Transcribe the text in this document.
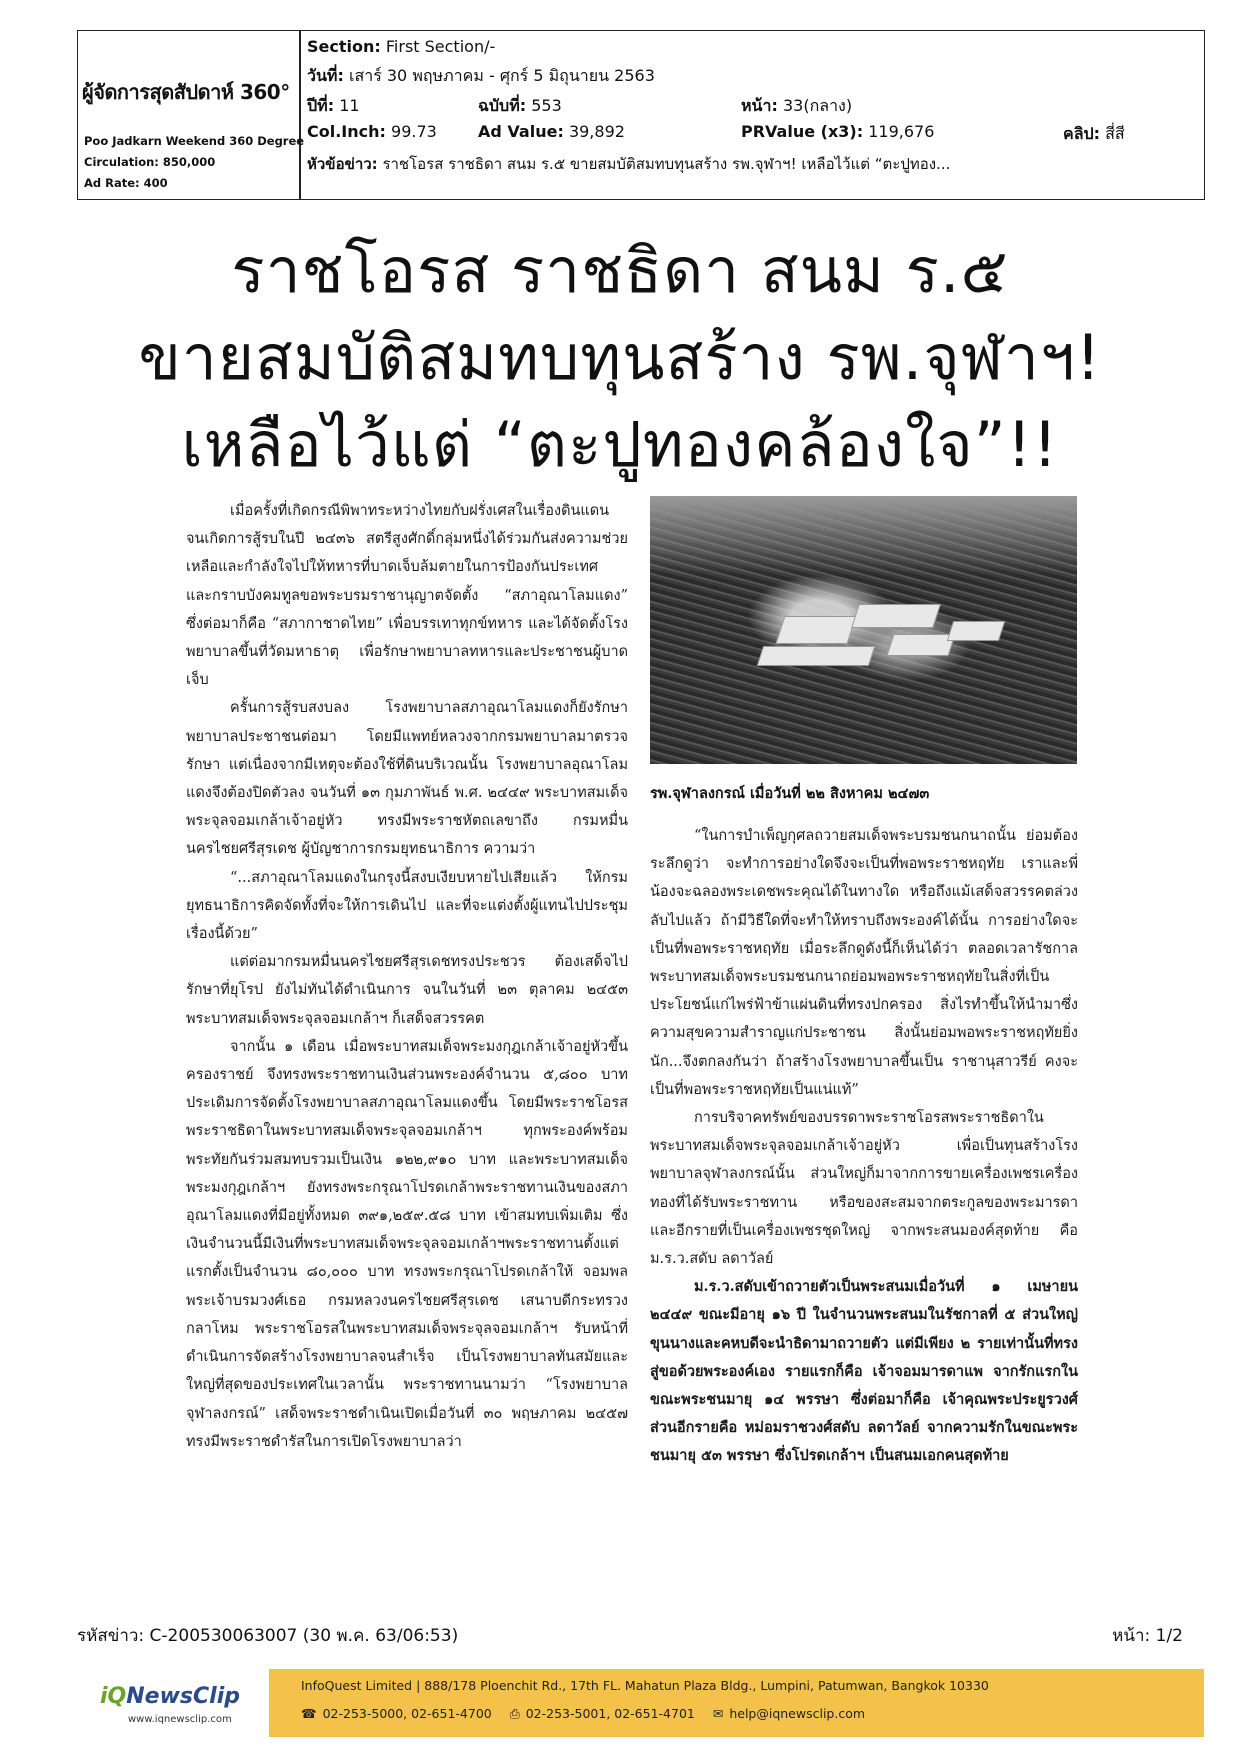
ผู้จัดการสุดสัปดาห์ 360°
Poo Jadkarn Weekend 360 Degree
Circulation: 850,000
Ad Rate: 400
Section: First Section/-
วันที่: เสาร์ 30 พฤษภาคม - ศุกร์ 5 มิถุนายน 2563
ปีที่: 11	ฉบับที่: 553	หน้า: 33(กลาง)
Col.Inch: 99.73	Ad Value: 39,892	PRValue (x3): 119,676	คลิป: สี่สี
หัวข้อข่าว: ราชโอรส ราชธิดา สนม ร.๕ ขายสมบัติสมทบทุนสร้าง รพ.จุฬาฯ! เหลือไว้แต่ “ตะปูทอง...
ราชโอรส ราชธิดา สนม ร.๕
ขายสมบัติสมทบทุนสร้าง รพ.จุฬาฯ!
เหลือไว้แต่ “ตะปูทองคล้องใจ”!!

เมื่อครั้งที่เกิดกรณีพิพาทระหว่างไทยกับฝรั่งเศสในเรื่องดินแดน จนเกิดการสู้รบในปี ๒๔๓๖ สตรีสูงศักดิ์กลุ่มหนึ่งได้ร่วมกันส่งความช่วยเหลือและกำลังใจไปให้ทหารที่บาดเจ็บล้มตายในการป้องกันประเทศ และกราบบังคมทูลขอพระบรมราชานุญาตจัดตั้ง “สภาอุณาโลมแดง” ซึ่งต่อมาก็คือ “สภากาชาดไทย” เพื่อบรรเทาทุกข์ทหาร และได้จัดตั้งโรงพยาบาลขึ้นที่วัดมหาธาตุ เพื่อรักษาพยาบาลทหารและประชาชนผู้บาดเจ็บ

ครั้นการสู้รบสงบลง โรงพยาบาลสภาอุณาโลมแดงก็ยังรักษาพยาบาลประชาชนต่อมา โดยมีแพทย์หลวงจากกรมพยาบาลมาตรวจรักษา แต่เนื่องจากมีเหตุจะต้องใช้ที่ดินบริเวณนั้น โรงพยาบาลอุณาโลมแดงจึงต้องปิดตัวลง จนวันที่ ๑๓ กุมภาพันธ์ พ.ศ. ๒๔๔๙ พระบาทสมเด็จพระจุลจอมเกล้าเจ้าอยู่หัว ทรงมีพระราชหัตถเลขาถึง กรมหมื่นนครไชยศรีสุรเดช ผู้บัญชาการกรมยุทธนาธิการ ความว่า

“...สภาอุณาโลมแดงในกรุงนี้สงบเงียบหายไปเสียแล้ว ให้กรมยุทธนาธิการคิดจัดทั้งที่จะให้การเดินไป และที่จะแต่งตั้งผู้แทนไปประชุมเรื่องนี้ด้วย”

แต่ต่อมากรมหมื่นนครไชยศรีสุรเดชทรงประชวร ต้องเสด็จไปรักษาที่ยุโรป ยังไม่ทันได้ดำเนินการ จนในวันที่ ๒๓ ตุลาคม ๒๔๕๓ พระบาทสมเด็จพระจุลจอมเกล้าฯ ก็เสด็จสวรรคต

จากนั้น ๑ เดือน เมื่อพระบาทสมเด็จพระมงกุฎเกล้าเจ้าอยู่หัวขึ้นครองราชย์ จึงทรงพระราชทานเงินส่วนพระองค์จำนวน ๕,๘๐๐ บาท ประเดิมการจัดตั้งโรงพยาบาลสภาอุณาโลมแดงขึ้น โดยมีพระราชโอรสพระราชธิดาในพระบาทสมเด็จพระจุลจอมเกล้าฯ ทุกพระองค์พร้อมพระทัยกันร่วมสมทบรวมเป็นเงิน ๑๒๒,๙๑๐ บาท และพระบาทสมเด็จพระมงกุฎเกล้าฯ ยังทรงพระกรุณาโปรดเกล้าพระราชทานเงินของสภาอุณาโลมแดงที่มีอยู่ทั้งหมด ๓๙๑,๒๕๙.๕๘ บาท เข้าสมทบเพิ่มเติม ซึ่งเงินจำนวนนี้มีเงินที่พระบาทสมเด็จพระจุลจอมเกล้าฯพระราชทานตั้งแต่แรกตั้งเป็นจำนวน ๘๐,๐๐๐ บาท ทรงพระกรุณาโปรดเกล้าให้ จอมพลพระเจ้าบรมวงศ์เธอ กรมหลวงนครไชยศรีสุรเดช เสนาบดีกระทรวงกลาโหม พระราชโอรสในพระบาทสมเด็จพระจุลจอมเกล้าฯ รับหน้าที่ดำเนินการจัดสร้างโรงพยาบาลจนสำเร็จ เป็นโรงพยาบาลทันสมัยและใหญ่ที่สุดของประเทศในเวลานั้น พระราชทานนามว่า “โรงพยาบาลจุฬาลงกรณ์” เสด็จพระราชดำเนินเปิดเมื่อวันที่ ๓๐ พฤษภาคม ๒๔๕๗ ทรงมีพระราชดำรัสในการเปิดโรงพยาบาลว่า

รพ.จุฬาลงกรณ์ เมื่อวันที่ ๒๒ สิงหาคม ๒๔๗๓

“ในการบำเพ็ญกุศลถวายสมเด็จพระบรมชนกนาถนั้น ย่อมต้องระลึกดูว่า จะทำการอย่างใดจึงจะเป็นที่พอพระราชหฤทัย เราและพี่น้องจะฉลองพระเดชพระคุณได้ในทางใด หรือถึงแม้เสด็จสวรรคตล่วงลับไปแล้ว ถ้ามีวิธีใดที่จะทำให้ทราบถึงพระองค์ได้นั้น การอย่างใดจะเป็นที่พอพระราชหฤทัย เมื่อระลึกดูดังนี้ก็เห็นได้ว่า ตลอดเวลารัชกาลพระบาทสมเด็จพระบรมชนกนาถย่อมพอพระราชหฤทัยในสิ่งที่เป็นประโยชน์แก่ไพร่ฟ้าข้าแผ่นดินที่ทรงปกครอง สิ่งไรทำขึ้นให้นำมาซึ่งความสุขความสำราญแก่ประชาชน สิ่งนั้นย่อมพอพระราชหฤทัยยิ่งนัก...จึงตกลงกันว่า ถ้าสร้างโรงพยาบาลขึ้นเป็น ราชานุสาวรีย์ คงจะเป็นที่พอพระราชหฤทัยเป็นแน่แท้”

การบริจาคทรัพย์ของบรรดาพระราชโอรสพระราชธิดาในพระบาทสมเด็จพระจุลจอมเกล้าเจ้าอยู่หัว เพื่อเป็นทุนสร้างโรงพยาบาลจุฬาลงกรณ์นั้น ส่วนใหญ่ก็มาจากการขายเครื่องเพชรเครื่องทองที่ได้รับพระราชทาน หรือของสะสมจากตระกูลของพระมารดา และอีกรายที่เป็นเครื่องเพชรชุดใหญ่ จากพระสนมองค์สุดท้าย คือ ม.ร.ว.สดับ ลดาวัลย์

ม.ร.ว.สดับเข้าถวายตัวเป็นพระสนมเมื่อวันที่ ๑ เมษายน ๒๔๔๙ ขณะมีอายุ ๑๖ ปี ในจำนวนพระสนมในรัชกาลที่ ๕ ส่วนใหญ่ขุนนางและคหบดีจะนำธิดามาถวายตัว แต่มีเพียง ๒ รายเท่านั้นที่ทรงสู่ขอด้วยพระองค์เอง รายแรกก็คือ เจ้าจอมมารดาแพ จากรักแรกในขณะพระชนมายุ ๑๔ พรรษา ซึ่งต่อมาก็คือ เจ้าคุณพระประยูรวงศ์ ส่วนอีกรายคือ หม่อมราชวงศ์สดับ ลดาวัลย์ จากความรักในขณะพระชนมายุ ๕๓ พรรษา ซึ่งโปรดเกล้าฯ เป็นสนมเอกคนสุดท้าย

รหัสข่าว: C-200530063007 (30 พ.ค. 63/06:53)	หน้า: 1/2
iQNewsClip
www.iqnewsclip.com
InfoQuest Limited | 888/178 Ploenchit Rd., 17th FL. Mahatun Plaza Bldg., Lumpini, Patumwan, Bangkok 10330
☎ 02-253-5000, 02-651-4700 ⎙ 02-253-5001, 02-651-4701 ✉ help@iqnewsclip.com
